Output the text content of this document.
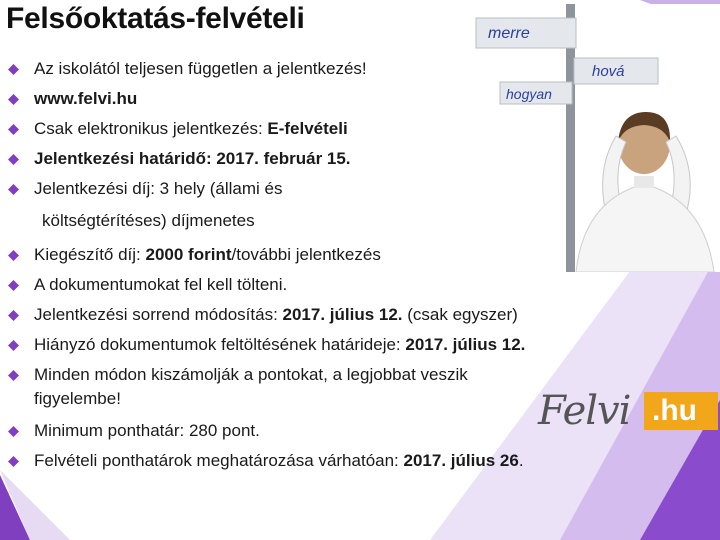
Felsőoktatás-felvételi	merre
hová
hogyan
Az iskolától teljesen független a jelentkezés!
www.felvi.hu
Csak elektronikus jelentkezés: E-felvételi
Jelentkezési határidő: 2017. február 15.
Jelentkezési díj: 3 hely (állami és
költségtérítéses) díjmenetes
Kiegészítő díj: 2000 forint/további jelentkezés
A dokumentumokat fel kell tölteni.
Jelentkezési sorrend módosítás: 2017. július 12. (csak egyszer)
Hiányzó dokumentumok feltöltésének határideje: 2017. július 12.
Minden módon kiszámolják a pontokat, a legjobbat veszik
figyelembe!
Minimum ponthatár: 280 pont.
Felvételi ponthatárok meghatározása várhatóan: 2017. július 26.
Felvi .hu
